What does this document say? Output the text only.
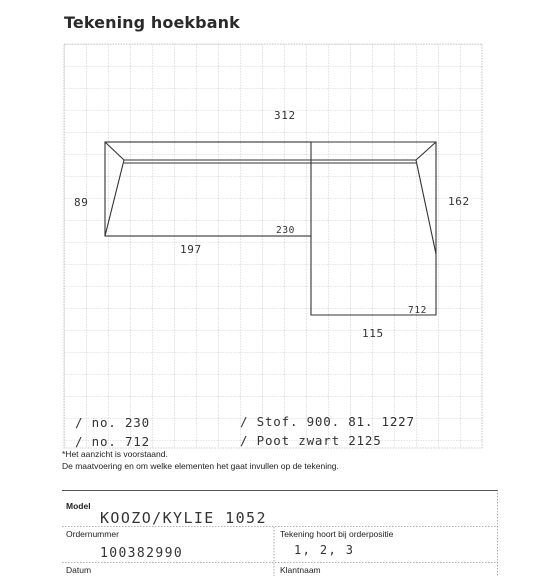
Tekening hoekbank
312
89	162
230
197
712
115
/ no. 230
/ no. 712
/ Stof. 900. 81. 1227
/ Poot zwart 2125
*Het aanzicht is voorstaand.
De maatvoering en om welke elementen het gaat invullen op de tekening.
Model
KOOZO/KYLIE 1052
Ordernummer
100382990
Tekening hoort bij orderpositie
1, 2, 3
Datum	Klantnaam
